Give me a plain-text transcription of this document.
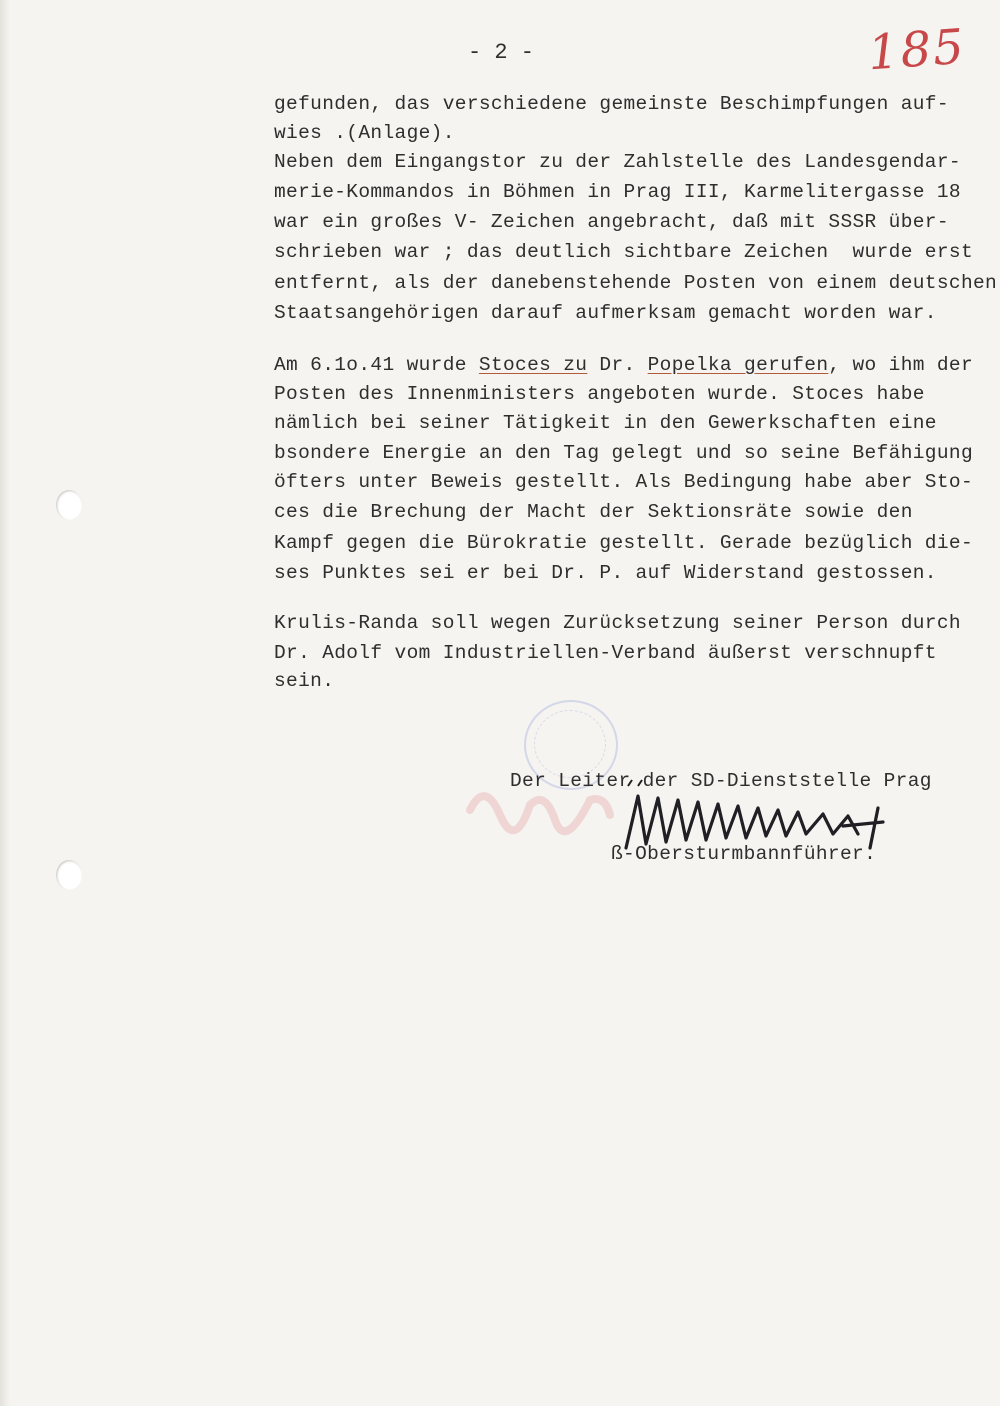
- 2 -	185
gefunden, das verschiedene gemeinste Beschimpfungen auf-
wies .(Anlage).
Neben dem Eingangstor zu der Zahlstelle des Landesgendar-
merie-Kommandos in Böhmen in Prag III, Karmelitergasse 18
war ein großes V- Zeichen angebracht, daß mit SSSR über-
schrieben war ; das deutlich sichtbare Zeichen  wurde erst
entfernt, als der danebenstehende Posten von einem deutschen
Staatsangehörigen darauf aufmerksam gemacht worden war.
Am 6.1o.41 wurde Stoces zu Dr. Popelka gerufen, wo ihm der
Posten des Innenministers angeboten wurde. Stoces habe
nämlich bei seiner Tätigkeit in den Gewerkschaften eine
bsondere Energie an den Tag gelegt und so seine Befähigung
öfters unter Beweis gestellt. Als Bedingung habe aber Sto-
ces die Brechung der Macht der Sektionsräte sowie den
Kampf gegen die Bürokratie gestellt. Gerade bezüglich die-
ses Punktes sei er bei Dr. P. auf Widerstand gestossen.
Krulis-Randa soll wegen Zurücksetzung seiner Person durch
Dr. Adolf vom Industriellen-Verband äußerst verschnupft
sein.
Der Leiter der SD-Dienststelle Prag
ß-Obersturmbannführer.
